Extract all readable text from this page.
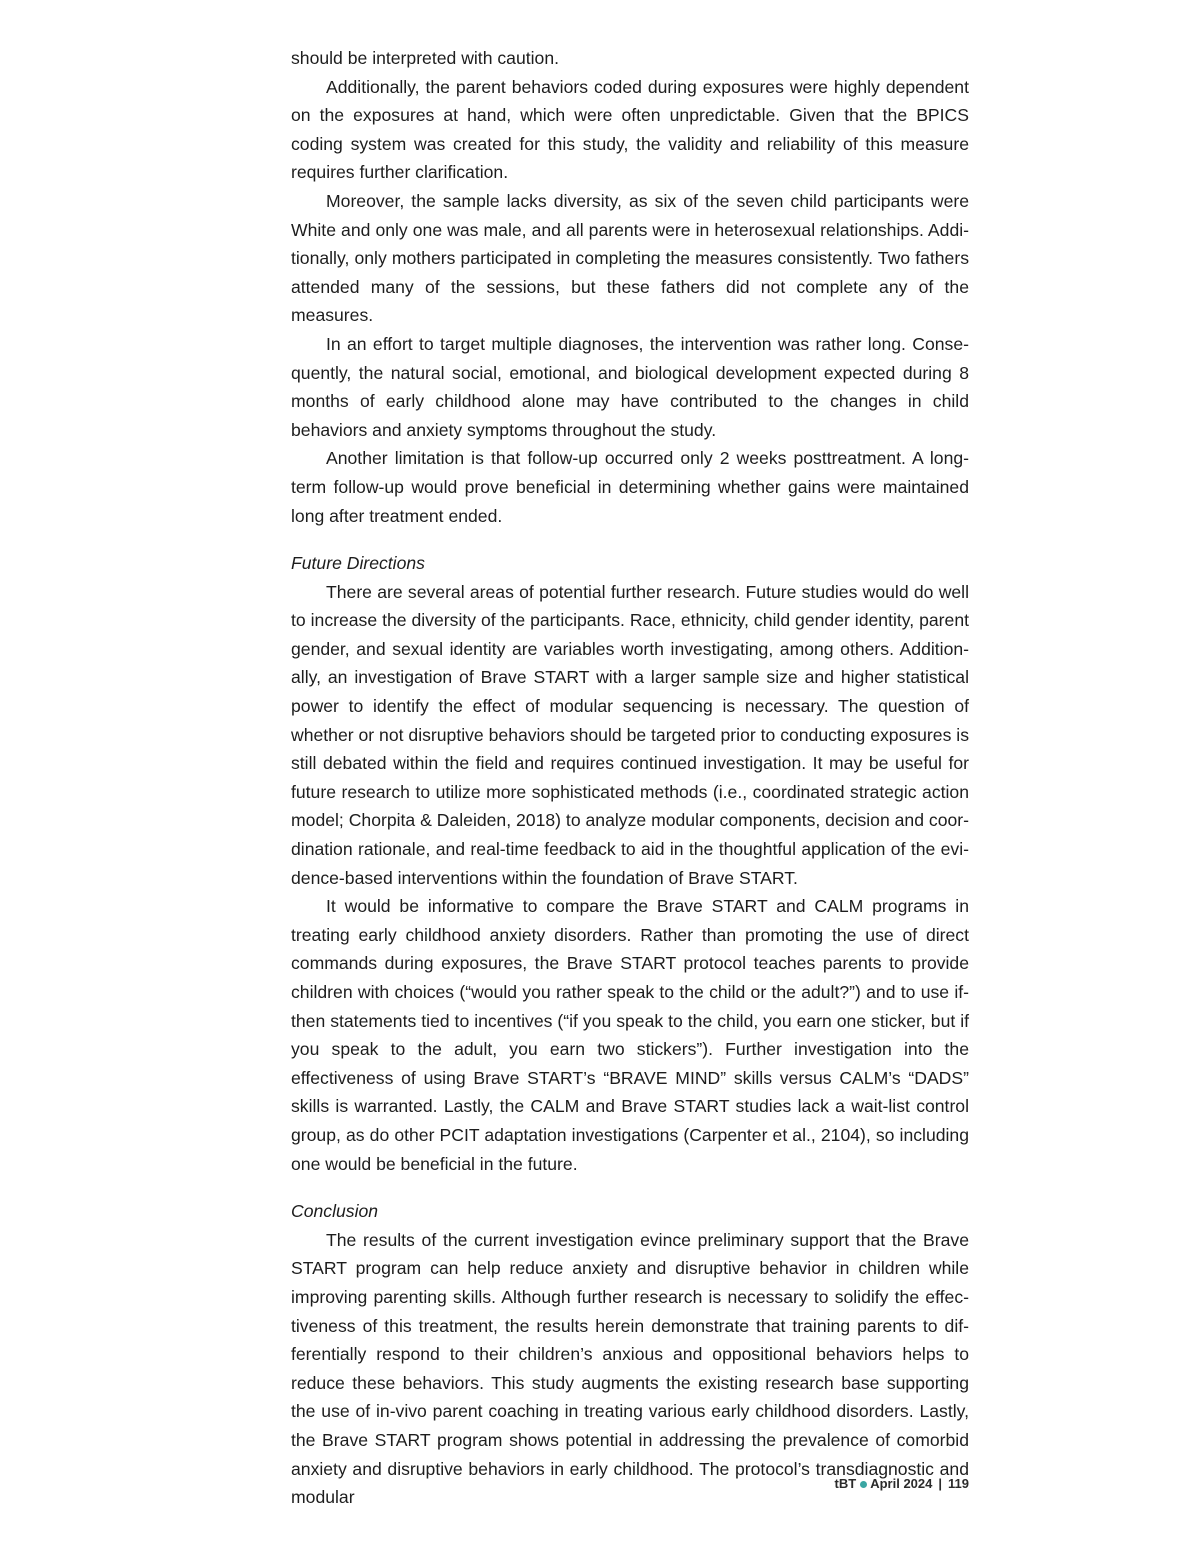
should be interpreted with caution.

Additionally, the parent behaviors coded during exposures were highly dependent on the exposures at hand, which were often unpredictable. Given that the BPICS coding system was created for this study, the validity and reliability of this measure requires further clarification.

Moreover, the sample lacks diversity, as six of the seven child participants were White and only one was male, and all parents were in heterosexual relationships. Additionally, only mothers participated in completing the measures consistently. Two fathers attended many of the sessions, but these fathers did not complete any of the measures.

In an effort to target multiple diagnoses, the intervention was rather long. Consequently, the natural social, emotional, and biological development expected during 8 months of early childhood alone may have contributed to the changes in child behaviors and anxiety symptoms throughout the study.

Another limitation is that follow-up occurred only 2 weeks posttreatment. A long-term follow-up would prove beneficial in determining whether gains were maintained long after treatment ended.

Future Directions

There are several areas of potential further research. Future studies would do well to increase the diversity of the participants. Race, ethnicity, child gender identity, parent gender, and sexual identity are variables worth investigating, among others. Additionally, an investigation of Brave START with a larger sample size and higher statistical power to identify the effect of modular sequencing is necessary. The question of whether or not disruptive behaviors should be targeted prior to conducting exposures is still debated within the field and requires continued investigation. It may be useful for future research to utilize more sophisticated methods (i.e., coordinated strategic action model; Chorpita & Daleiden, 2018) to analyze modular components, decision and coordination rationale, and real-time feedback to aid in the thoughtful application of the evidence-based interventions within the foundation of Brave START.

It would be informative to compare the Brave START and CALM programs in treating early childhood anxiety disorders. Rather than promoting the use of direct commands during exposures, the Brave START protocol teaches parents to provide children with choices (“would you rather speak to the child or the adult?”) and to use if-then statements tied to incentives (“if you speak to the child, you earn one sticker, but if you speak to the adult, you earn two stickers”). Further investigation into the effectiveness of using Brave START’s “BRAVE MIND” skills versus CALM’s “DADS” skills is warranted. Lastly, the CALM and Brave START studies lack a wait-list control group, as do other PCIT adaptation investigations (Carpenter et al., 2104), so including one would be beneficial in the future.

Conclusion

The results of the current investigation evince preliminary support that the Brave START program can help reduce anxiety and disruptive behavior in children while improving parenting skills. Although further research is necessary to solidify the effectiveness of this treatment, the results herein demonstrate that training parents to differentially respond to their children’s anxious and oppositional behaviors helps to reduce these behaviors. This study augments the existing research base supporting the use of in-vivo parent coaching in treating various early childhood disorders. Lastly, the Brave START program shows potential in addressing the prevalence of comorbid anxiety and disruptive behaviors in early childhood. The protocol’s transdiagnostic and modular

tBT April 2024 | 119
